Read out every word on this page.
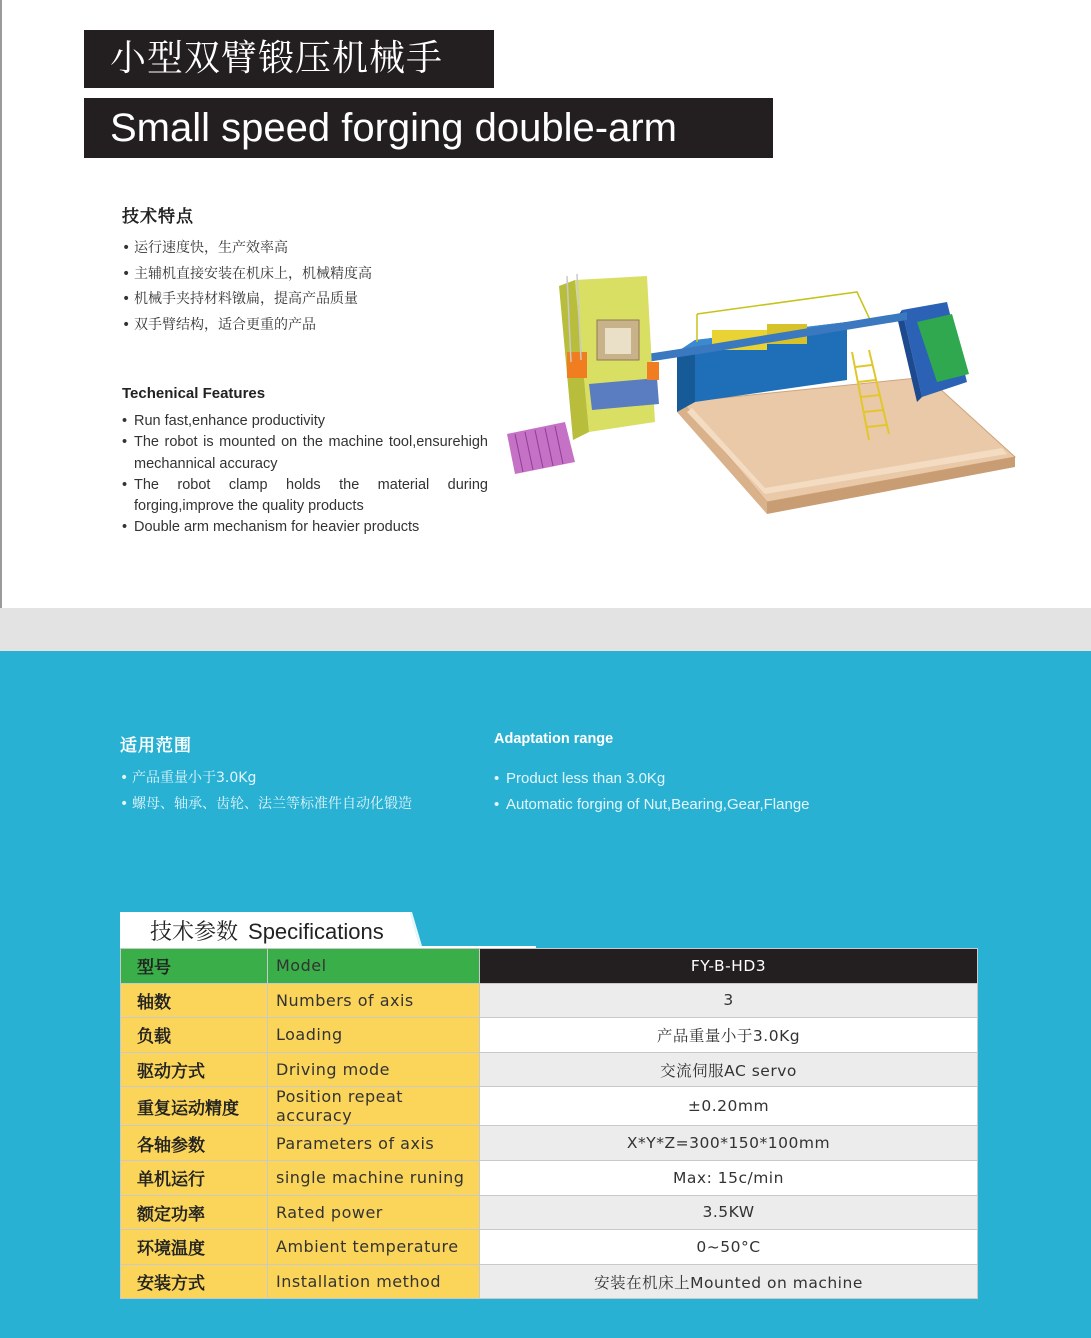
小型双臂锻压机械手
Small speed forging double-arm robot
技术特点
• 运行速度快，生产效率高
• 主辅机直接安装在机床上，机械精度高
• 机械手夹持材料镦扁，提高产品质量
• 双手臂结构，适合更重的产品
Techenical Features
• Run fast,enhance productivity
• The robot is mounted on the machine tool,ensurehigh mechannical accuracy
• The robot clamp holds the material during forging,improve the quality products
• Double arm mechanism for heavier products
适用范围
• 产品重量小于3.0Kg
• 螺母、轴承、齿轮、法兰等标准件自动化锻造
Adaptation range
• Product less than 3.0Kg
• Automatic forging of Nut,Bearing,Gear,Flange
技术参数 Specifications
型号	Model	FY-B-HD3
轴数	Numbers of axis	3
负载	Loading	产品重量小于3.0Kg
驱动方式	Driving mode	交流伺服AC servo
重复运动精度	Position repeat accuracy	±0.20mm
各轴参数	Parameters of axis	X*Y*Z=300*150*100mm
单机运行	single machine runing	Max: 15c/min
额定功率	Rated power	3.5KW
环境温度	Ambient temperature	0~50°C
安装方式	Installation method	安装在机床上Mounted on machine
